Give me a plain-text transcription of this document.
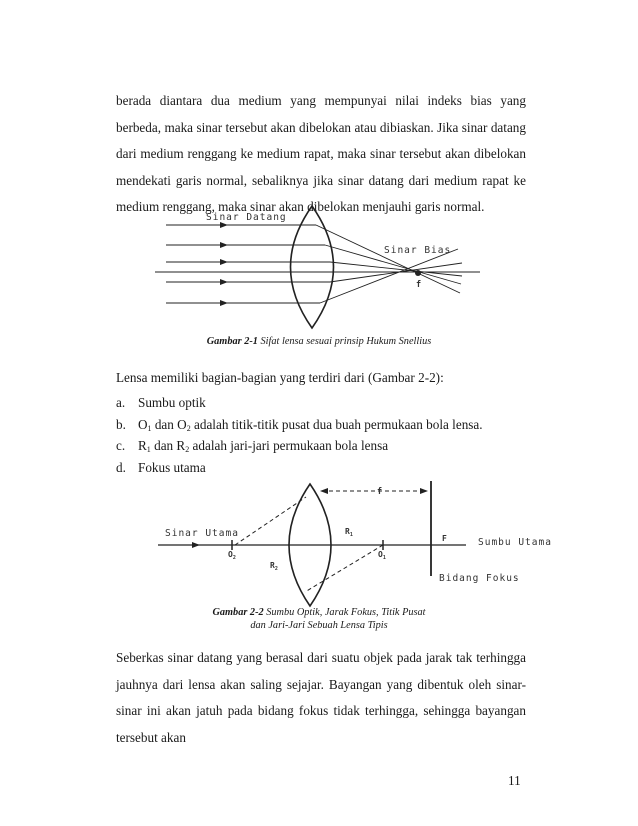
berada diantara dua medium yang mempunyai nilai indeks bias yang berbeda, maka sinar tersebut akan dibelokan atau dibiaskan. Jika sinar datang dari medium renggang ke medium rapat, maka sinar tersebut akan dibelokan mendekati garis normal, sebaliknya jika sinar datang dari medium rapat ke medium renggang, maka sinar akan dibelokan menjauhi garis normal.

Sinar Datang
Sinar Bias
f
f
Sinar Utama	$R_1$
$O_2$
$R_2$
$O_1$
F	Sumbu Utama
Bidang Fokus
Gambar 2-1 Sifat lensa sesuai prinsip Hukum Snellius

Lensa memiliki bagian-bagian yang terdiri dari (Gambar 2-2):

a. Sumbu optik
b. $O_1$ dan $O_2$ adalah titik-titik pusat dua buah permukaan bola lensa.
c. $R_1$ dan $R_2$ adalah jari-jari permukaan bola lensa
d. Fokus utama
Gambar 2-2 Sumbu Optik, Jarak Fokus, Titik Pusat
dan Jari-Jari Sebuah Lensa Tipis

Seberkas sinar datang yang berasal dari suatu objek pada jarak tak terhingga jauhnya dari lensa akan saling sejajar. Bayangan yang dibentuk oleh sinar-sinar ini akan jatuh pada bidang fokus tidak terhingga, sehingga bayangan tersebut akan

11
